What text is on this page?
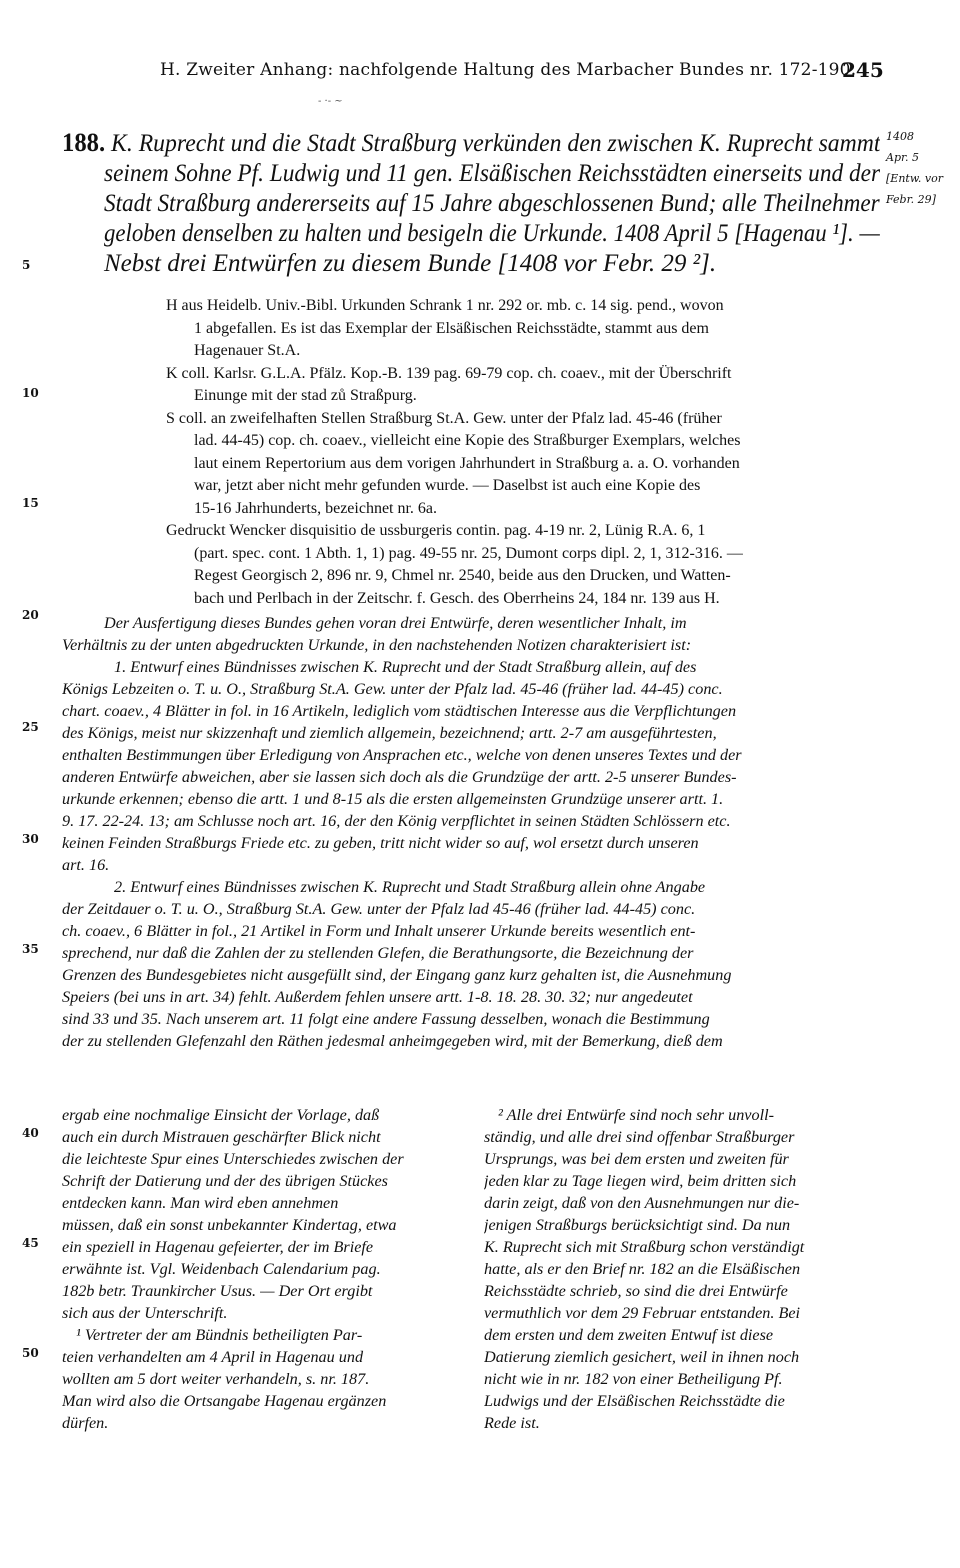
H. Zweiter Anhang: nachfolgende Haltung des Marbacher Bundes nr. 172-190.
245
‐ ·‐ ~
5
10
15
20
25
30
35
40
45
50
1408
Apr. 5
[Entw. vor
Febr. 29]
188. K. Ruprecht und die Stadt Straßburg verkünden den zwischen K. Ruprecht sammt
seinem Sohne Pf. Ludwig und 11 gen. Elsäßischen Reichsstädten einerseits und der
Stadt Straßburg andererseits auf 15 Jahre abgeschlossenen Bund; alle Theilnehmer
geloben denselben zu halten und besigeln die Urkunde. 1408 April 5 [Hagenau ¹]. —
Nebst drei Entwürfen zu diesem Bunde [1408 vor Febr. 29 ²].
H aus Heidelb. Univ.-Bibl. Urkunden Schrank 1 nr. 292 or. mb. c. 14 sig. pend., wovon
1 abgefallen. Es ist das Exemplar der Elsäßischen Reichsstädte, stammt aus dem
Hagenauer St.A.
K coll. Karlsr. G.L.A. Pfälz. Kop.-B. 139 pag. 69-79 cop. ch. coaev., mit der Überschrift
Einunge mit der stad zů Straßpurg.
S coll. an zweifelhaften Stellen Straßburg St.A. Gew. unter der Pfalz lad. 45-46 (früher
lad. 44-45) cop. ch. coaev., vielleicht eine Kopie des Straßburger Exemplars, welches
laut einem Repertorium aus dem vorigen Jahrhundert in Straßburg a. a. O. vorhanden
war, jetzt aber nicht mehr gefunden wurde. — Daselbst ist auch eine Kopie des
15-16 Jahrhunderts, bezeichnet nr. 6a.
Gedruckt Wencker disquisitio de ussburgeris contin. pag. 4-19 nr. 2, Lünig R.A. 6, 1
(part. spec. cont. 1 Abth. 1, 1) pag. 49-55 nr. 25, Dumont corps dipl. 2, 1, 312-316. —
Regest Georgisch 2, 896 nr. 9, Chmel nr. 2540, beide aus den Drucken, und Watten-
bach und Perlbach in der Zeitschr. f. Gesch. des Oberrheins 24, 184 nr. 139 aus H.
Der Ausfertigung dieses Bundes gehen voran drei Entwürfe, deren wesentlicher Inhalt, im
Verhältnis zu der unten abgedruckten Urkunde, in den nachstehenden Notizen charakterisiert ist:
1. Entwurf eines Bündnisses zwischen K. Ruprecht und der Stadt Straßburg allein, auf des
Königs Lebzeiten o. T. u. O., Straßburg St.A. Gew. unter der Pfalz lad. 45-46 (früher lad. 44-45) conc.
chart. coaev., 4 Blätter in fol. in 16 Artikeln, lediglich vom städtischen Interesse aus die Verpflichtungen
des Königs, meist nur skizzenhaft und ziemlich allgemein, bezeichnend; artt. 2-7 am ausgeführtesten,
enthalten Bestimmungen über Erledigung von Ansprachen etc., welche von denen unseres Textes und der
anderen Entwürfe abweichen, aber sie lassen sich doch als die Grundzüge der artt. 2-5 unserer Bundes-
urkunde erkennen; ebenso die artt. 1 und 8-15 als die ersten allgemeinsten Grundzüge unserer artt. 1.
9. 17. 22-24. 13; am Schlusse noch art. 16, der den König verpflichtet in seinen Städten Schlössern etc.
keinen Feinden Straßburgs Friede etc. zu geben, tritt nicht wider so auf, wol ersetzt durch unseren
art. 16.
2. Entwurf eines Bündnisses zwischen K. Ruprecht und Stadt Straßburg allein ohne Angabe
der Zeitdauer o. T. u. O., Straßburg St.A. Gew. unter der Pfalz lad 45-46 (früher lad. 44-45) conc.
ch. coaev., 6 Blätter in fol., 21 Artikel in Form und Inhalt unserer Urkunde bereits wesentlich ent-
sprechend, nur daß die Zahlen der zu stellenden Glefen, die Berathungsorte, die Bezeichnung der
Grenzen des Bundesgebietes nicht ausgefüllt sind, der Eingang ganz kurz gehalten ist, die Ausnehmung
Speiers (bei uns in art. 34) fehlt. Außerdem fehlen unsere artt. 1-8. 18. 28. 30. 32; nur angedeutet
sind 33 und 35. Nach unserem art. 11 folgt eine andere Fassung desselben, wonach die Bestimmung
der zu stellenden Glefenzahl den Räthen jedesmal anheimgegeben wird, mit der Bemerkung, dieß dem
ergab eine nochmalige Einsicht der Vorlage, daß
auch ein durch Mistrauen geschärfter Blick nicht
die leichteste Spur eines Unterschiedes zwischen der
Schrift der Datierung und der des übrigen Stückes
entdecken kann. Man wird eben annehmen
müssen, daß ein sonst unbekannter Kindertag, etwa
ein speziell in Hagenau gefeierter, der im Briefe
erwähnte ist. Vgl. Weidenbach Calendarium pag.
182b betr. Traunkircher Usus. — Der Ort ergibt
sich aus der Unterschrift.
¹ Vertreter der am Bündnis betheiligten Par-
teien verhandelten am 4 April in Hagenau und
wollten am 5 dort weiter verhandeln, s. nr. 187.
Man wird also die Ortsangabe Hagenau ergänzen
dürfen.
² Alle drei Entwürfe sind noch sehr unvoll-
ständig, und alle drei sind offenbar Straßburger
Ursprungs, was bei dem ersten und zweiten für
jeden klar zu Tage liegen wird, beim dritten sich
darin zeigt, daß von den Ausnehmungen nur die-
jenigen Straßburgs berücksichtigt sind. Da nun
K. Ruprecht sich mit Straßburg schon verständigt
hatte, als er den Brief nr. 182 an die Elsäßischen
Reichsstädte schrieb, so sind die drei Entwürfe
vermuthlich vor dem 29 Februar entstanden. Bei
dem ersten und dem zweiten Entwuf ist diese
Datierung ziemlich gesichert, weil in ihnen noch
nicht wie in nr. 182 von einer Betheiligung Pf.
Ludwigs und der Elsäßischen Reichsstädte die
Rede ist.
